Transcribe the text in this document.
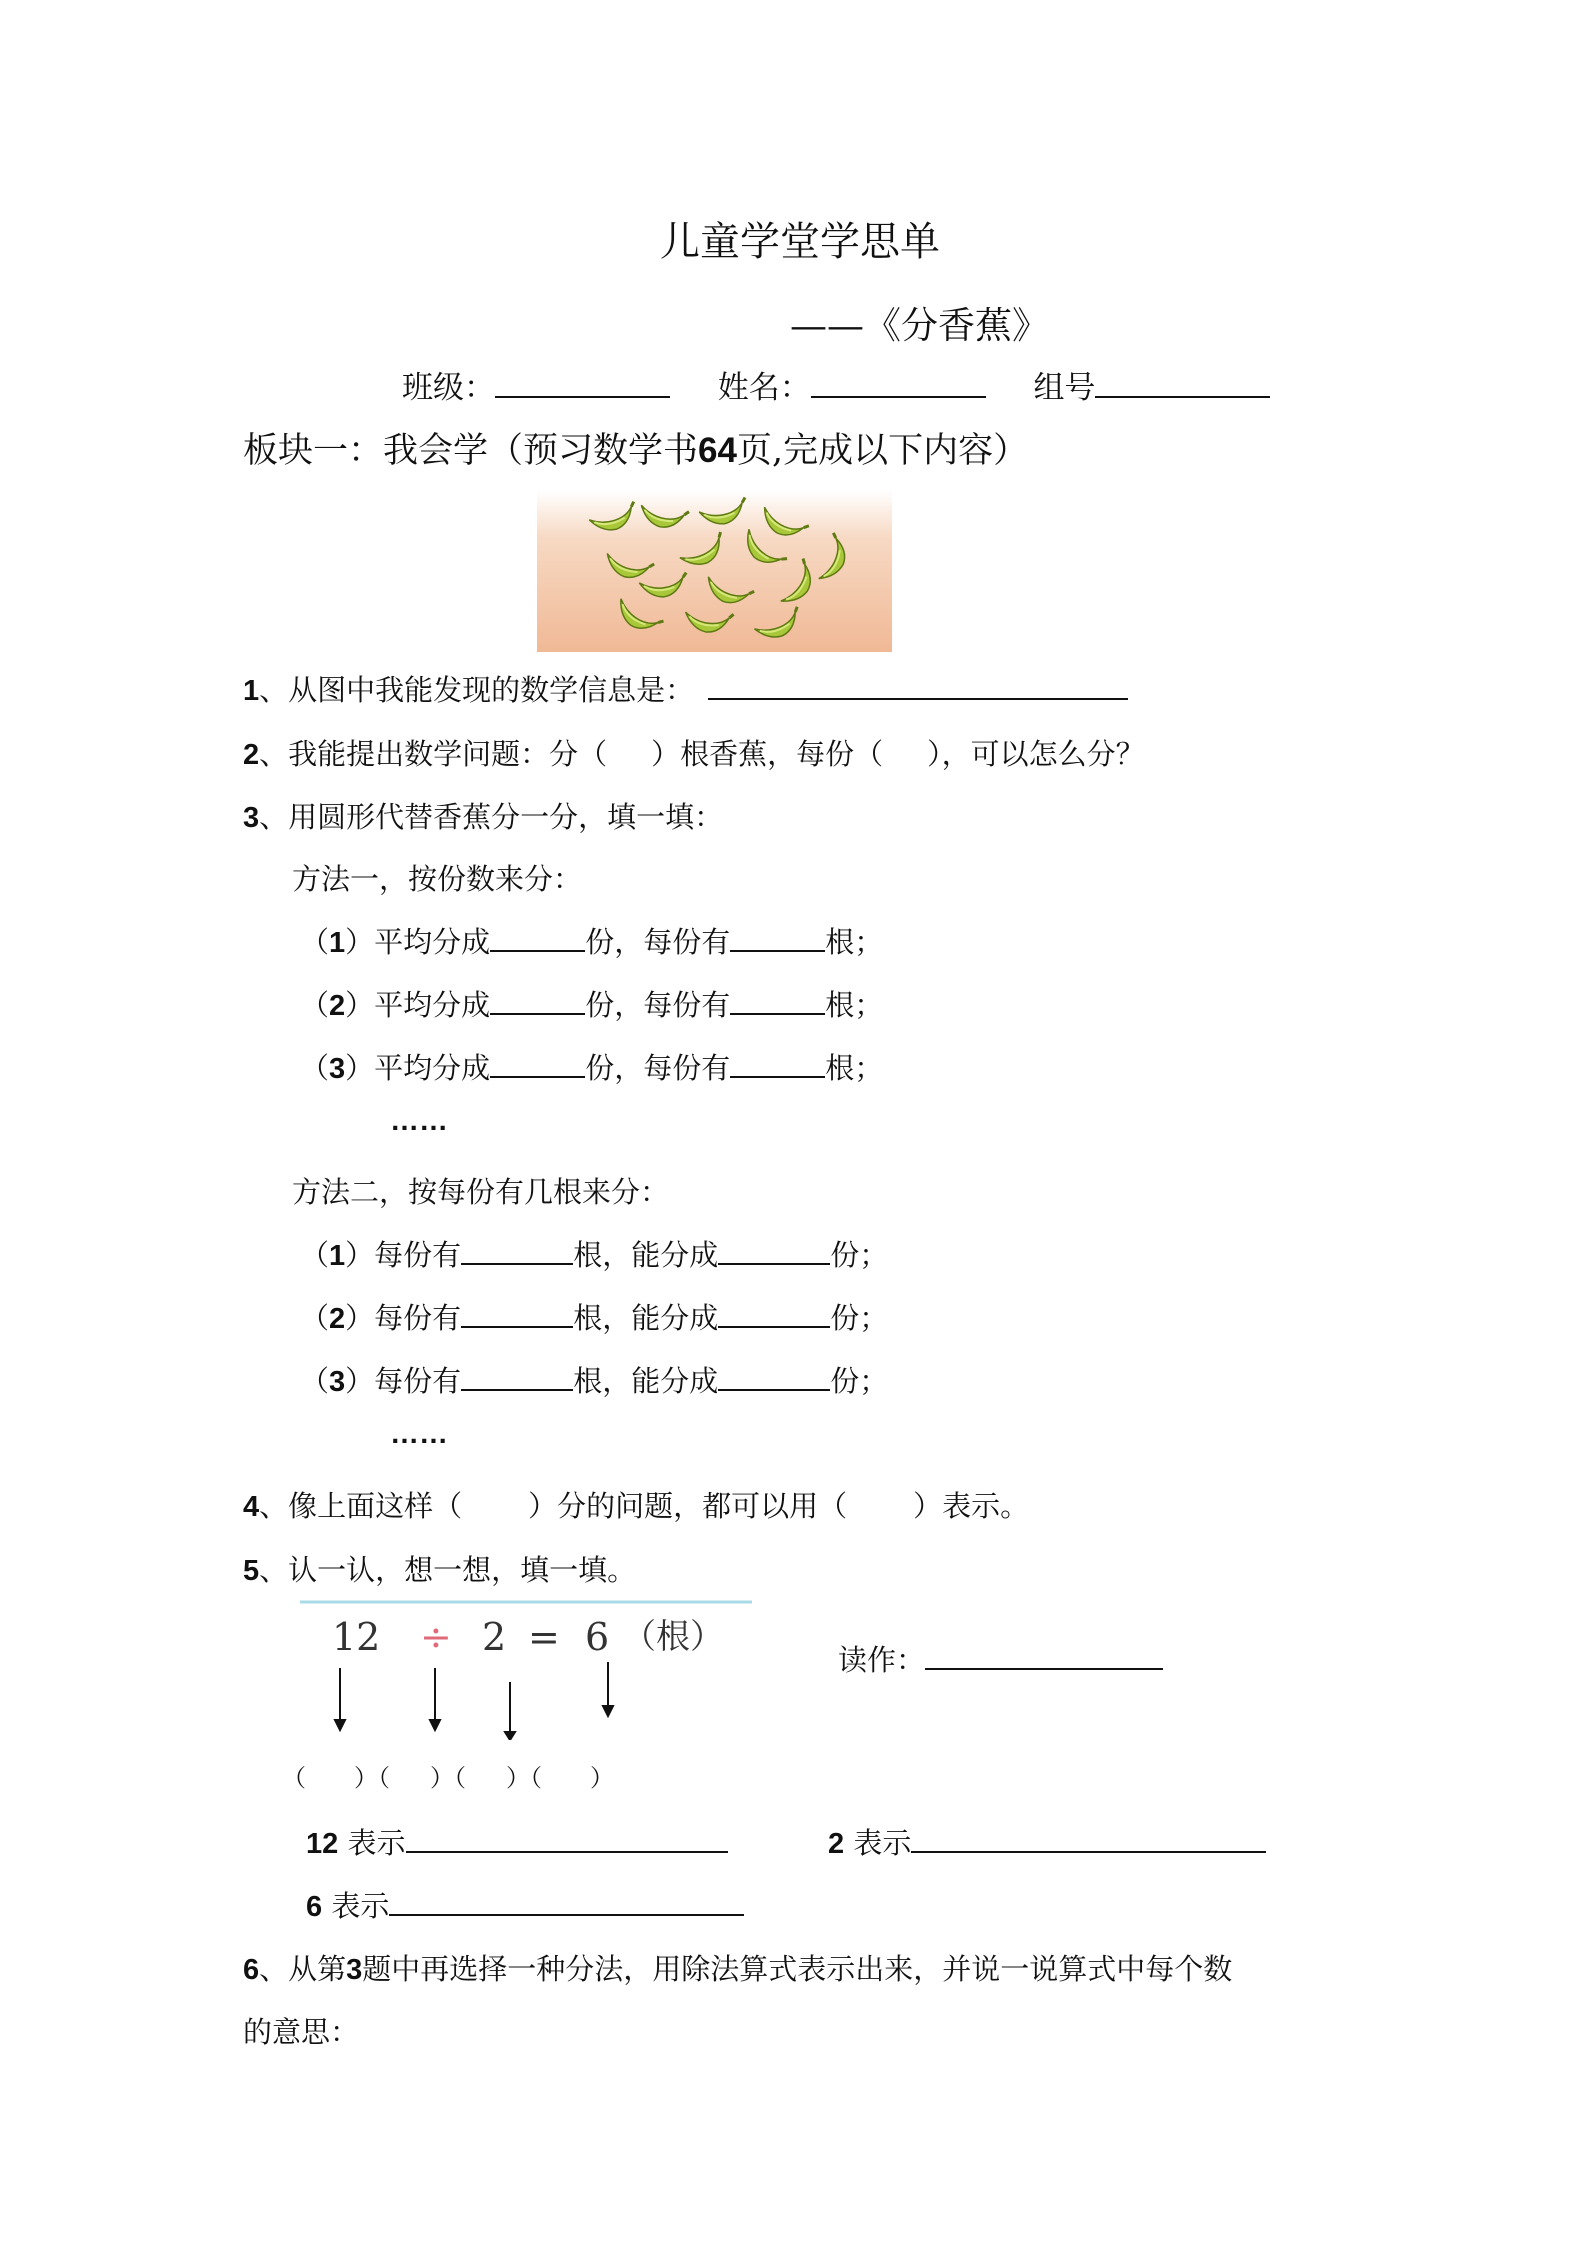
儿童学堂学思单
——《分香蕉》
班级：	姓名：	组号
板块一：我会学（预习数学书64页,完成以下内容）
1、从图中我能发现的数学信息是：
2、我能提出数学问题：分（ ）根香蕉，每份（ ），可以怎么分？
3、用圆形代替香蕉分一分，填一填：
方法一，按份数来分：
（1）平均分成	份，每份有	根；
（2）平均分成	份，每份有	根；
（3）平均分成	份，每份有	根；
……
方法二，按每份有几根来分：
（1）每份有	根，能分成	份；
（2）每份有	根，能分成	份；
（3）每份有	根，能分成	份；
……
4、像上面这样（ ）分的问题，都可以用（ ）表示。
5、认一认，想一想，填一填。
12 ÷ 2 = 6 （根）
读作：
（ ）（ ）（ ）（ ）
12 表示	2 表示
6 表示
6、从第3题中再选择一种分法，用除法算式表示出来，并说一说算式中每个数
的意思：
